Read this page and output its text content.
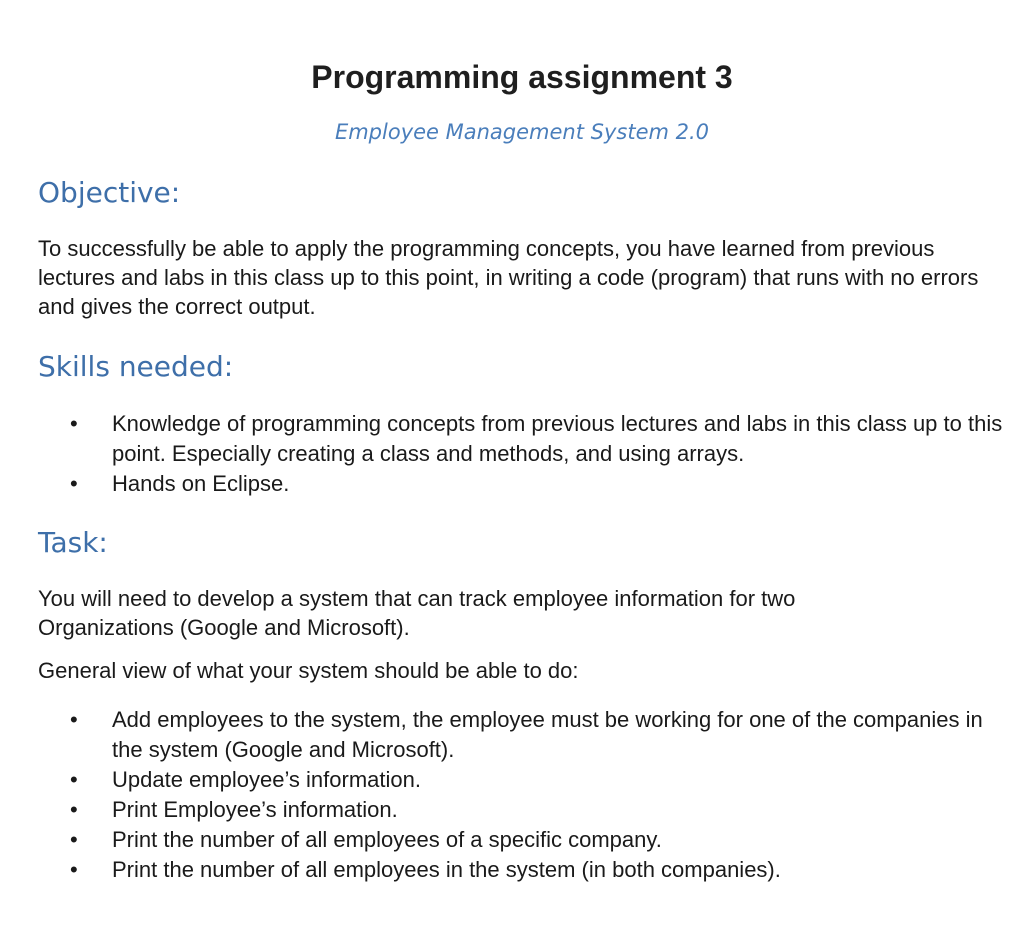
Programming assignment 3
Employee Management System 2.0
Objective:

To successfully be able to apply the programming concepts, you have learned from previous lectures and labs in this class up to this point, in writing a code (program) that runs with no errors and gives the correct output.

Skills needed:
• Knowledge of programming concepts from previous lectures and labs in this class up to this point. Especially creating a class and methods, and using arrays.
• Hands on Eclipse.
Task:

You will need to develop a system that can track employee information for two Organizations (Google and Microsoft).

General view of what your system should be able to do:

• Add employees to the system, the employee must be working for one of the companies in the system (Google and Microsoft).
• Update employee’s information.
• Print Employee’s information.
• Print the number of all employees of a specific company.
• Print the number of all employees in the system (in both companies).
